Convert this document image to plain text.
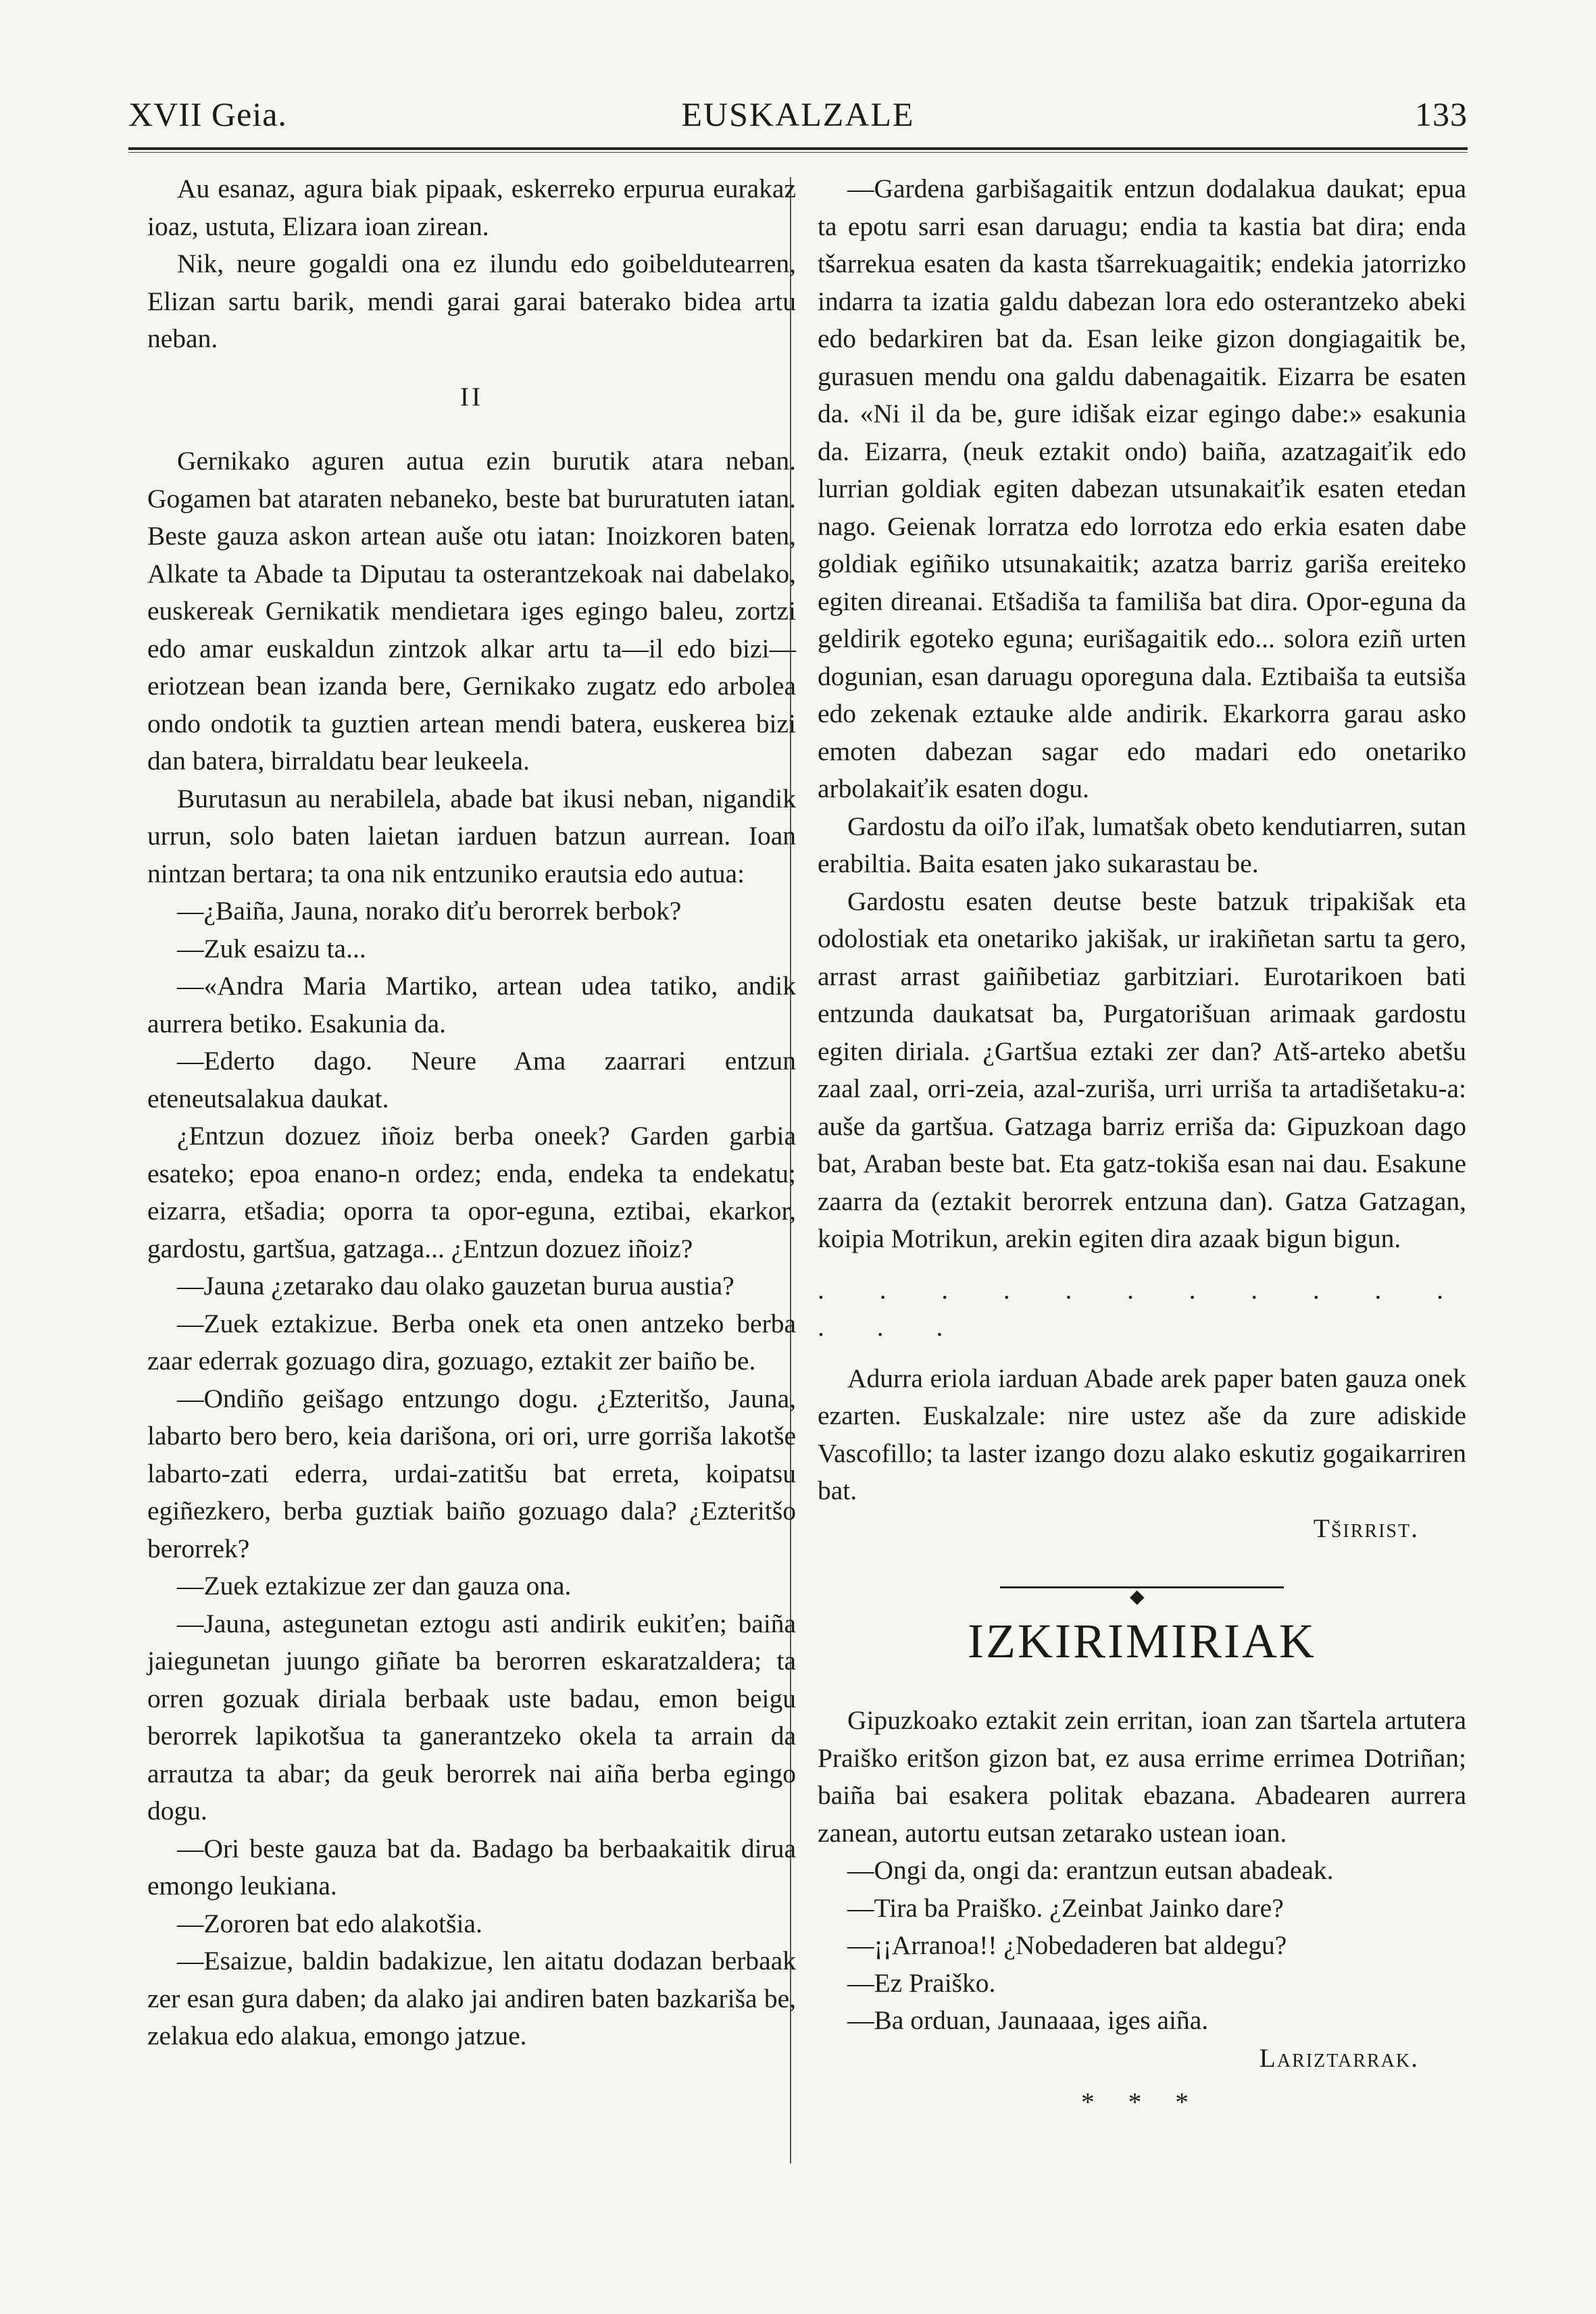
XVII Geia.	EUSKALZALE	133

Au esanaz, agura biak pipaak, eskerreko erpurua eurakaz ioaz, ustuta, Elizara ioan zirean.

Nik, neure gogaldi ona ez ilundu edo goibeldutearren, Elizan sartu barik, mendi garai garai baterako bidea artu neban.

II

Gernikako aguren autua ezin burutik atara neban. Gogamen bat ataraten nebaneko, beste bat bururatuten iatan. Beste gauza askon artean auše otu iatan: Inoizkoren baten, Alkate ta Abade ta Diputau ta osterantzekoak nai dabelako, euskereak Gernikatik mendietara iges egingo baleu, zortzi edo amar euskaldun zintzok alkar artu ta—il edo bizi—eriotzean bean izanda bere, Gernikako zugatz edo arbolea ondo ondotik ta guztien artean mendi batera, euskerea bizi dan batera, birraldatu bear leukeela.

Burutasun au nerabilela, abade bat ikusi neban, nigandik urrun, solo baten laietan iarduen batzun aurrean. Ioan nintzan bertara; ta ona nik entzuniko erautsia edo autua:

—¿Baiña, Jauna, norako diťu berorrek berbok?

—Zuk esaizu ta...

—«Andra Maria Martiko, artean udea tatiko, andik aurrera betiko. Esakunia da.

—Ederto dago. Neure Ama zaarrari entzun eteneutsalakua daukat.

¿Entzun dozuez iñoiz berba oneek? Garden garbia esateko; epoa enano-n ordez; enda, endeka ta endekatu; eizarra, etšadia; oporra ta opor-eguna, eztibai, ekarkor, gardostu, gartšua, gatzaga... ¿Entzun dozuez iñoiz?

—Jauna ¿zetarako dau olako gauzetan burua austia?

—Zuek eztakizue. Berba onek eta onen antzeko berba zaar ederrak gozuago dira, gozuago, eztakit zer baiño be.

—Ondiño geišago entzungo dogu. ¿Ezteritšo, Jauna, labarto bero bero, keia darišona, ori ori, urre gorriša lakotše labarto-zati ederra, urdai-zatitšu bat erreta, koipatsu egiñezkero, berba guztiak baiño gozuago dala? ¿Ezteritšo berorrek?

—Zuek eztakizue zer dan gauza ona.

—Jauna, astegunetan eztogu asti andirik eukiťen; baiña jaiegunetan juungo giñate ba berorren eskaratzaldera; ta orren gozuak diriala berbaak uste badau, emon beigu berorrek lapikotšua ta ganerantzeko okela ta arrain da arrautza ta abar; da geuk berorrek nai aiña berba egingo dogu.

—Ori beste gauza bat da. Badago ba berbaakaitik dirua emongo leukiana.

—Zororen bat edo alakotšia.

—Esaizue, baldin badakizue, len aitatu dodazan berbaak zer esan gura daben; da alako jai andiren baten bazkariša be, zelakua edo alakua, emongo jatzue.

—Gardena garbišagaitik entzun dodalakua daukat; epua ta epotu sarri esan daruagu; endia ta kastia bat dira; enda tšarrekua esaten da kasta tšarrekuagaitik; endekia jatorrizko indarra ta izatia galdu dabezan lora edo osterantzeko abeki edo bedarkiren bat da. Esan leike gizon dongiagaitik be, gurasuen mendu ona galdu dabenagaitik. Eizarra be esaten da. «Ni il da be, gure idišak eizar egingo dabe:» esakunia da. Eizarra, (neuk eztakit ondo) baiña, azatzagaiťik edo lurrian goldiak egiten dabezan utsunakaiťik esaten etedan nago. Geienak lorratza edo lorrotza edo erkia esaten dabe goldiak egiñiko utsunakaitik; azatza barriz gariša ereiteko egiten direanai. Etšadiša ta familiša bat dira. Opor-eguna da geldirik egoteko eguna; eurišagaitik edo... solora eziñ urten dogunian, esan daruagu oporeguna dala. Eztibaiša ta eutsiša edo zekenak eztauke alde andirik. Ekarkorra garau asko emoten dabezan sagar edo madari edo onetariko arbolakaiťik esaten dogu.

Gardostu da oiľo iľak, lumatšak obeto kendutiarren, sutan erabiltia. Baita esaten jako sukarastau be.

Gardostu esaten deutse beste batzuk tripakišak eta odolostiak eta onetariko jakišak, ur irakiñetan sartu ta gero, arrast arrast gaiñibetiaz garbitziari. Eurotarikoen bati entzunda daukatsat ba, Purgatorišuan arimaak gardostu egiten diriala. ¿Gartšua eztaki zer dan? Atš-arteko abetšu zaal zaal, orri-zeia, azal-zuriša, urri urriša ta artadišetaku-a: auše da gartšua. Gatzaga barriz erriša da: Gipuzkoan dago bat, Araban beste bat. Eta gatz-tokiša esan nai dau. Esakune zaarra da (eztakit berorrek entzuna dan). Gatza Gatzagan, koipia Motrikun, arekin egiten dira azaak bigun bigun.

. . . . . . . . . . . . . .

Adurra eriola iarduan Abade arek paper baten gauza onek ezarten. Euskalzale: nire ustez aše da zure adiskide Vascofillo; ta laster izango dozu alako eskutiz gogaikarriren bat.

Tširrist.

◆

IZKIRIMIRIAK

Gipuzkoako eztakit zein erritan, ioan zan tšartela artutera Praiško eritšon gizon bat, ez ausa errime errimea Dotriñan; baiña bai esakera politak ebazana. Abadearen aurrera zanean, autortu eutsan zetarako ustean ioan.

—Ongi da, ongi da: erantzun eutsan abadeak.

—Tira ba Praiško. ¿Zeinbat Jainko dare?

—¡¡Arranoa!! ¿Nobedaderen bat aldegu?

—Ez Praiško.

—Ba orduan, Jaunaaaa, iges aiña.

Lariztarrak.

* * *
